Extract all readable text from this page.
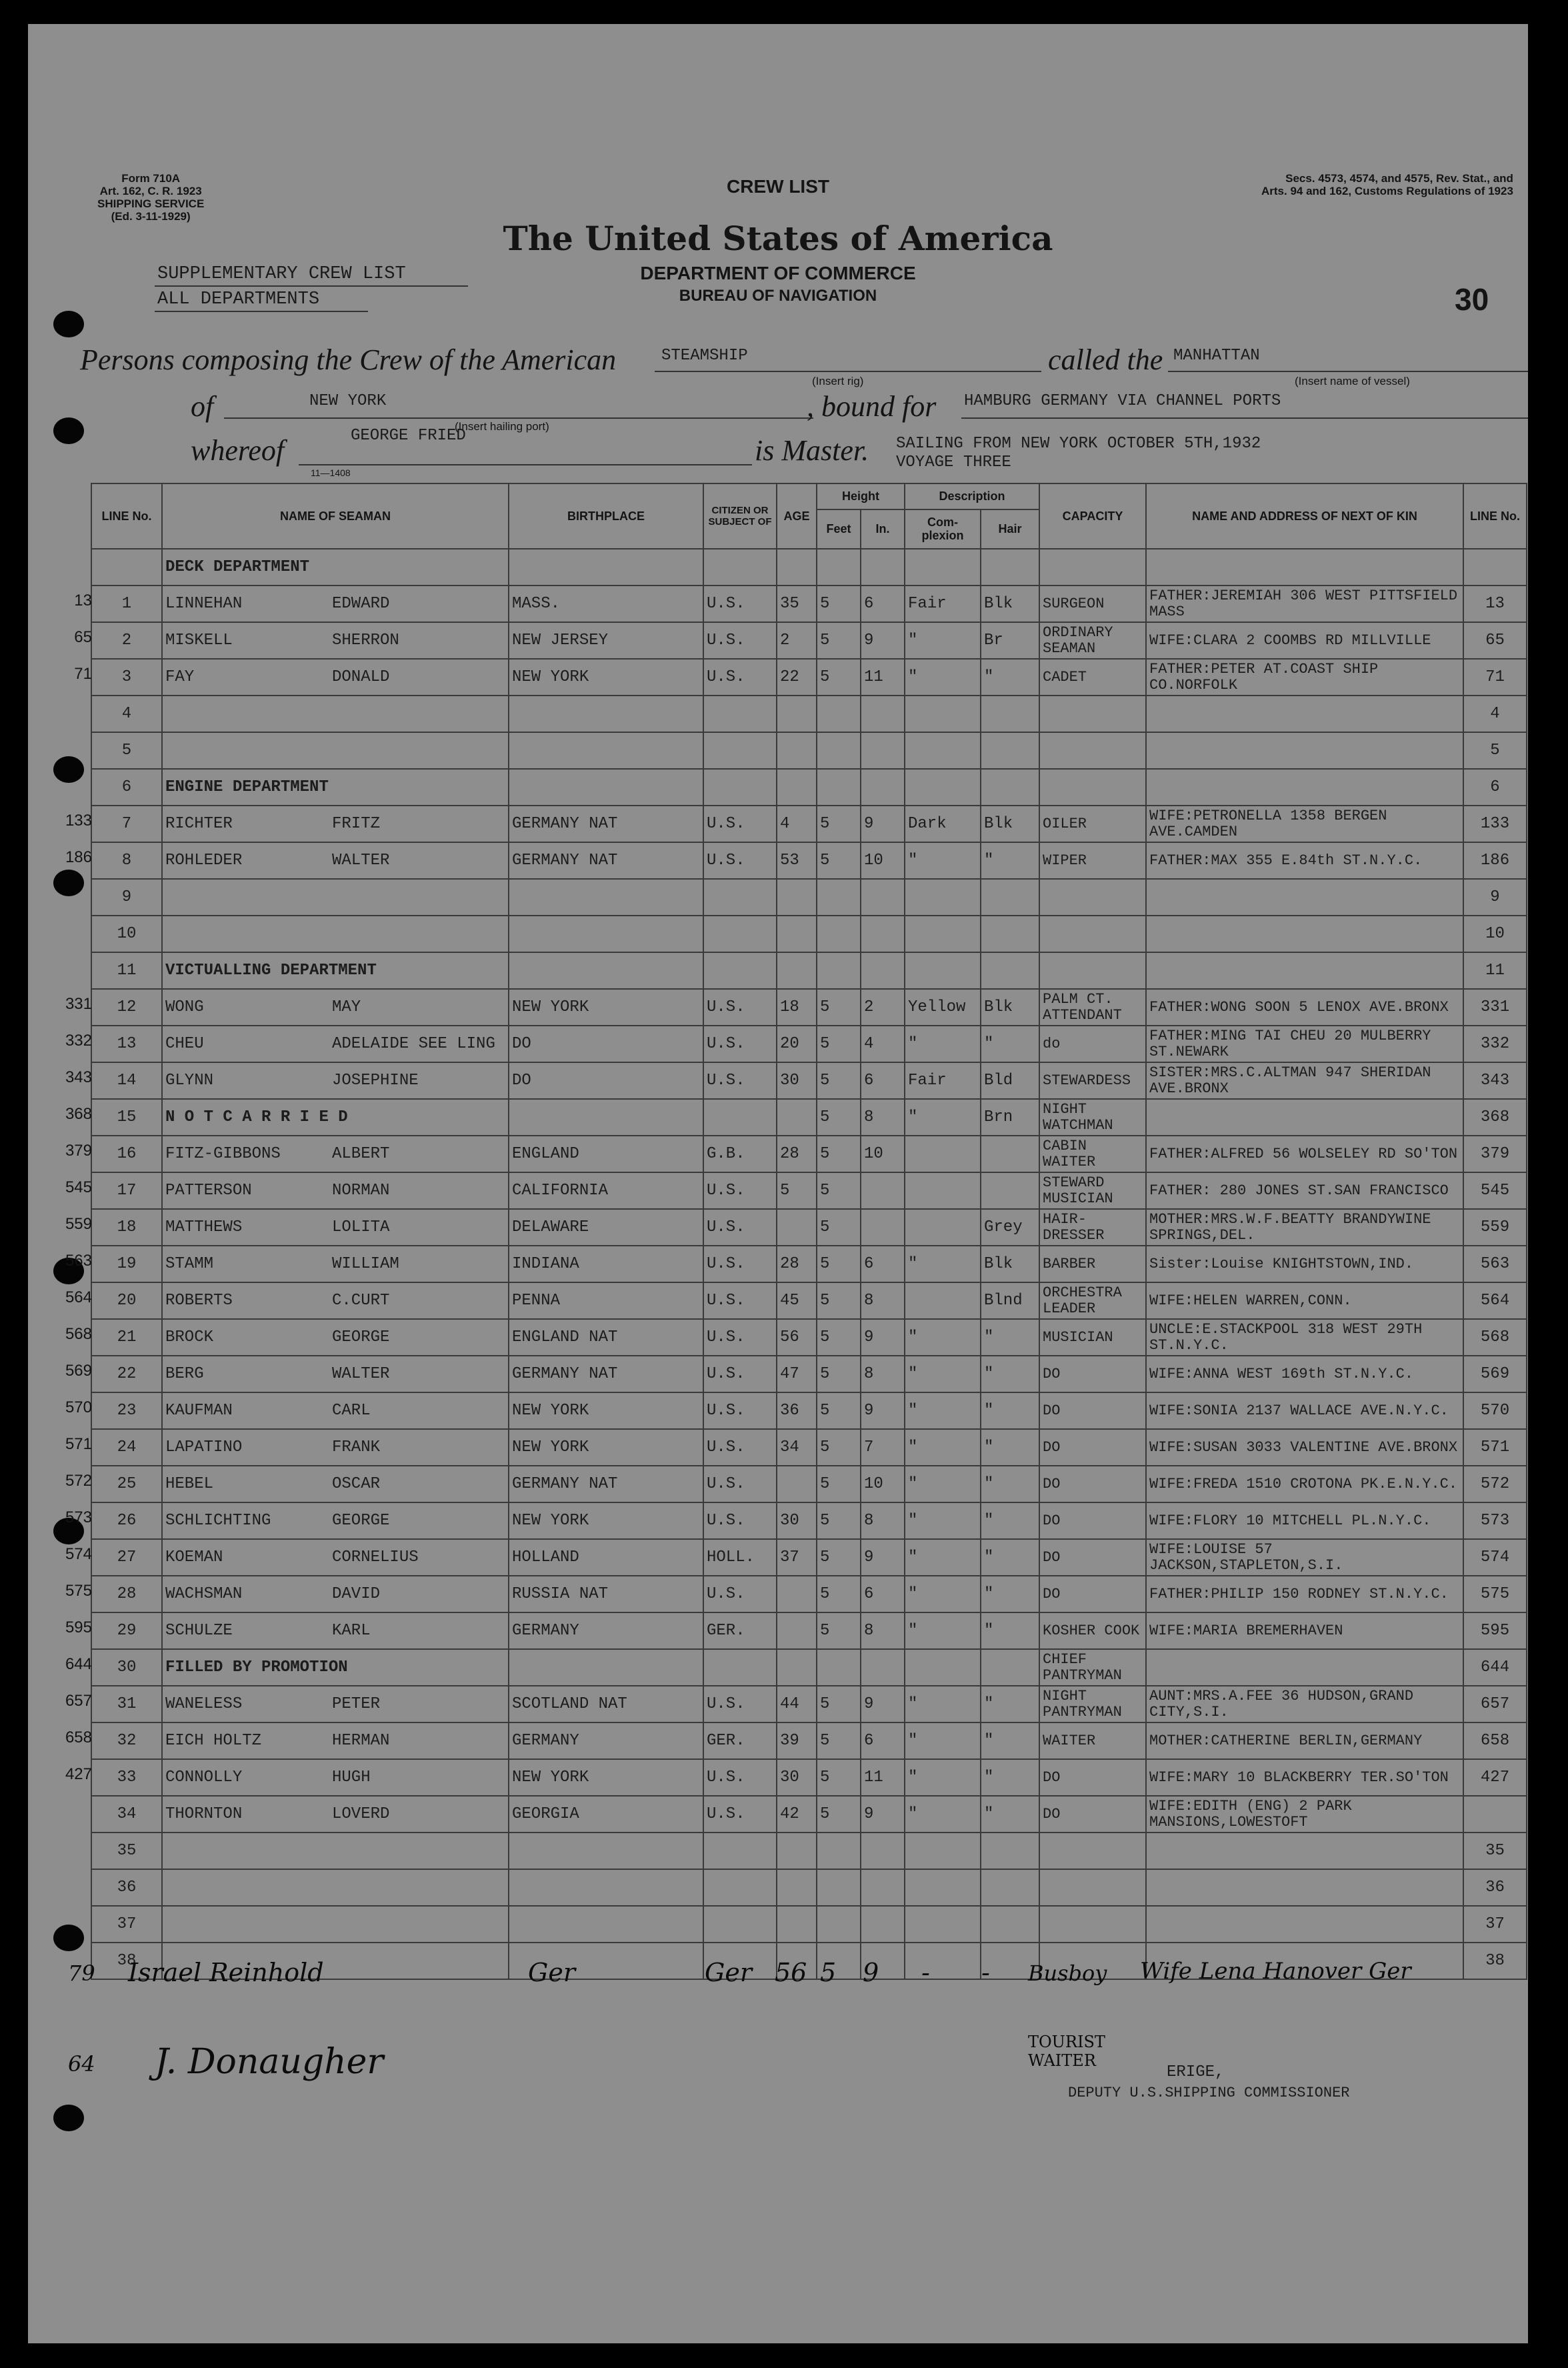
Form 710A
Art. 162, C. R. 1923
SHIPPING SERVICE
(Ed. 3-11-1929)
Secs. 4573, 4574, and 4575, Rev. Stat., and
Arts. 94 and 162, Customs Regulations of 1923
CREW LIST
The United States of America
DEPARTMENT OF COMMERCE
BUREAU OF NAVIGATION	30
SUPPLEMENTARY CREW LIST
ALL DEPARTMENTS
Persons composing the Crew of the American	STEAMSHIP
(Insert rig)
called the MANHATTAN
(Insert name of vessel)
of	NEW YORK
(Insert hailing port)
, bound for HAMBURG GERMANY VIA CHANNEL PORTS
whereof	GEORGE FRIED
11—1408
is Master. SAILING FROM NEW YORK OCTOBER 5TH,1932
VOYAGE THREE
LINE No.	NAME OF SEAMAN	BIRTHPLACE	CITIZEN OR SUBJECT OF	AGE	Height		Description		CAPACITY	NAME AND ADDRESS OF NEXT OF KIN	LINE No.
					Feet	In.	Com-plexion	Hair			
	DECK DEPARTMENT								

1	LINNEHAN EDWARD	MASS.	U.S.	35	5	6	Fair	Blk	SURGEON	FATHER:JEREMIAH 306 WEST PITTSFIELD MASS	13
2	MISKELL SHERRON	NEW JERSEY	U.S.	2	5	9	"	Br	ORDINARY SEAMAN	WIFE:CLARA 2 COOMBS RD MILLVILLE	65
3	FAY DONALD	NEW YORK	U.S.	22	5	11	"	"	CADET	FATHER:PETER AT.COAST SHIP CO.NORFOLK	71
4											4
5											5
6	ENGINE DEPARTMENT										6
7	RICHTER FRITZ	GERMANY NAT	U.S.	4	5	9	Dark	Blk	OILER	WIFE:PETRONELLA 1358 BERGEN AVE.CAMDEN	133
8	ROHLEDER WALTER	GERMANY NAT	U.S.	53	5	10	"	"	WIPER	FATHER:MAX 355 E.84th ST.N.Y.C.	186
9											9
10											10
11	VICTUALLING DEPARTMENT										11
12	WONG MAY	NEW YORK	U.S.	18	5	2	Yellow	Blk	PALM CT. ATTENDANT	FATHER:WONG SOON 5 LENOX AVE.BRONX	331
13	CHEU ADELAIDE SEE LING	DO	U.S.	20	5	4	"	"	do	FATHER:MING TAI CHEU 20 MULBERRY ST.NEWARK	332
14	GLYNN JOSEPHINE	DO	U.S.	30	5	6	Fair	Bld	STEWARDESS	SISTER:MRS.C.ALTMAN 947 SHERIDAN AVE.BRONX	343
15	N O T C A R R I E D				5	8	"	Brn	NIGHT WATCHMAN		368
16	FITZ-GIBBONS ALBERT	ENGLAND	G.B.	28	5	10			CABIN WAITER	FATHER:ALFRED 56 WOLSELEY RD SO'TON	379
17	PATTERSON NORMAN	CALIFORNIA	U.S.	5	5				STEWARD MUSICIAN	FATHER: 280 JONES ST.SAN FRANCISCO	545
18	MATTHEWS LOLITA	DELAWARE	U.S.		5			Grey	HAIR-DRESSER	MOTHER:MRS.W.F.BEATTY BRANDYWINE SPRINGS,DEL.	559
19	STAMM WILLIAM	INDIANA	U.S.	28	5	6	"	Blk	BARBER	Sister:Louise KNIGHTSTOWN,IND.	563
20	ROBERTS C.CURT	PENNA	U.S.	45	5	8		Blnd	ORCHESTRA LEADER	WIFE:HELEN WARREN,CONN.	564
21	BROCK GEORGE	ENGLAND NAT	U.S.	56	5	9	"	"	MUSICIAN	UNCLE:E.STACKPOOL 318 WEST 29TH ST.N.Y.C.	568
22	BERG WALTER	GERMANY NAT	U.S.	47	5	8	"	"	DO	WIFE:ANNA WEST 169th ST.N.Y.C.	569
23	KAUFMAN CARL	NEW YORK	U.S.	36	5	9	"	"	DO	WIFE:SONIA 2137 WALLACE AVE.N.Y.C.	570
24	LAPATINO FRANK	NEW YORK	U.S.	34	5	7	"	"	DO	WIFE:SUSAN 3033 VALENTINE AVE.BRONX	571
25	HEBEL OSCAR	GERMANY NAT	U.S.		5	10	"	"	DO	WIFE:FREDA 1510 CROTONA PK.E.N.Y.C.	572
26	SCHLICHTING GEORGE	NEW YORK	U.S.	30	5	8	"	"	DO	WIFE:FLORY 10 MITCHELL PL.N.Y.C.	573
27	KOEMAN CORNELIUS	HOLLAND	HOLL.	37	5	9	"	"	DO	WIFE:LOUISE 57 JACKSON,STAPLETON,S.I.	574
28	WACHSMAN DAVID	RUSSIA NAT	U.S.		5	6	"	"	DO	FATHER:PHILIP 150 RODNEY ST.N.Y.C.	575
29	SCHULZE KARL	GERMANY	GER.		5	8	"	"	KOSHER COOK	WIFE:MARIA BREMERHAVEN	595
30	FILLED BY PROMOTION								CHIEF PANTRYMAN		644
31	WANELESS PETER	SCOTLAND NAT	U.S.	44	5	9	"	"	NIGHT PANTRYMAN	AUNT:MRS.A.FEE 36 HUDSON,GRAND CITY,S.I.	657
32	EICH HOLTZ HERMAN	GERMANY	GER.	39	5	6	"	"	WAITER	MOTHER:CATHERINE BERLIN,GERMANY	658
33	CONNOLLY HUGH	NEW YORK	U.S.	30	5	11	"	"	DO	WIFE:MARY 10 BLACKBERRY TER.SO'TON	427
34	THORNTON LOVERD	GEORGIA	U.S.	42	5	9	"	"	DO	WIFE:EDITH (ENG) 2 PARK MANSIONS,LOWESTOFT	

35											35
36											36
37											37
38											38
13
65
71
133
186
331
332
343
368
379
545
559
563
564
568
569
570
571
572
573
574
575
595
644
657
658
427
79 Israel Reinhold	Ger	Ger 56 5 9 - - Busboy Wife Lena Hanover Ger
64 J. Donaugher	TOURIST WAITER
ERIGE,
DEPUTY U.S.SHIPPING COMMISSIONER
